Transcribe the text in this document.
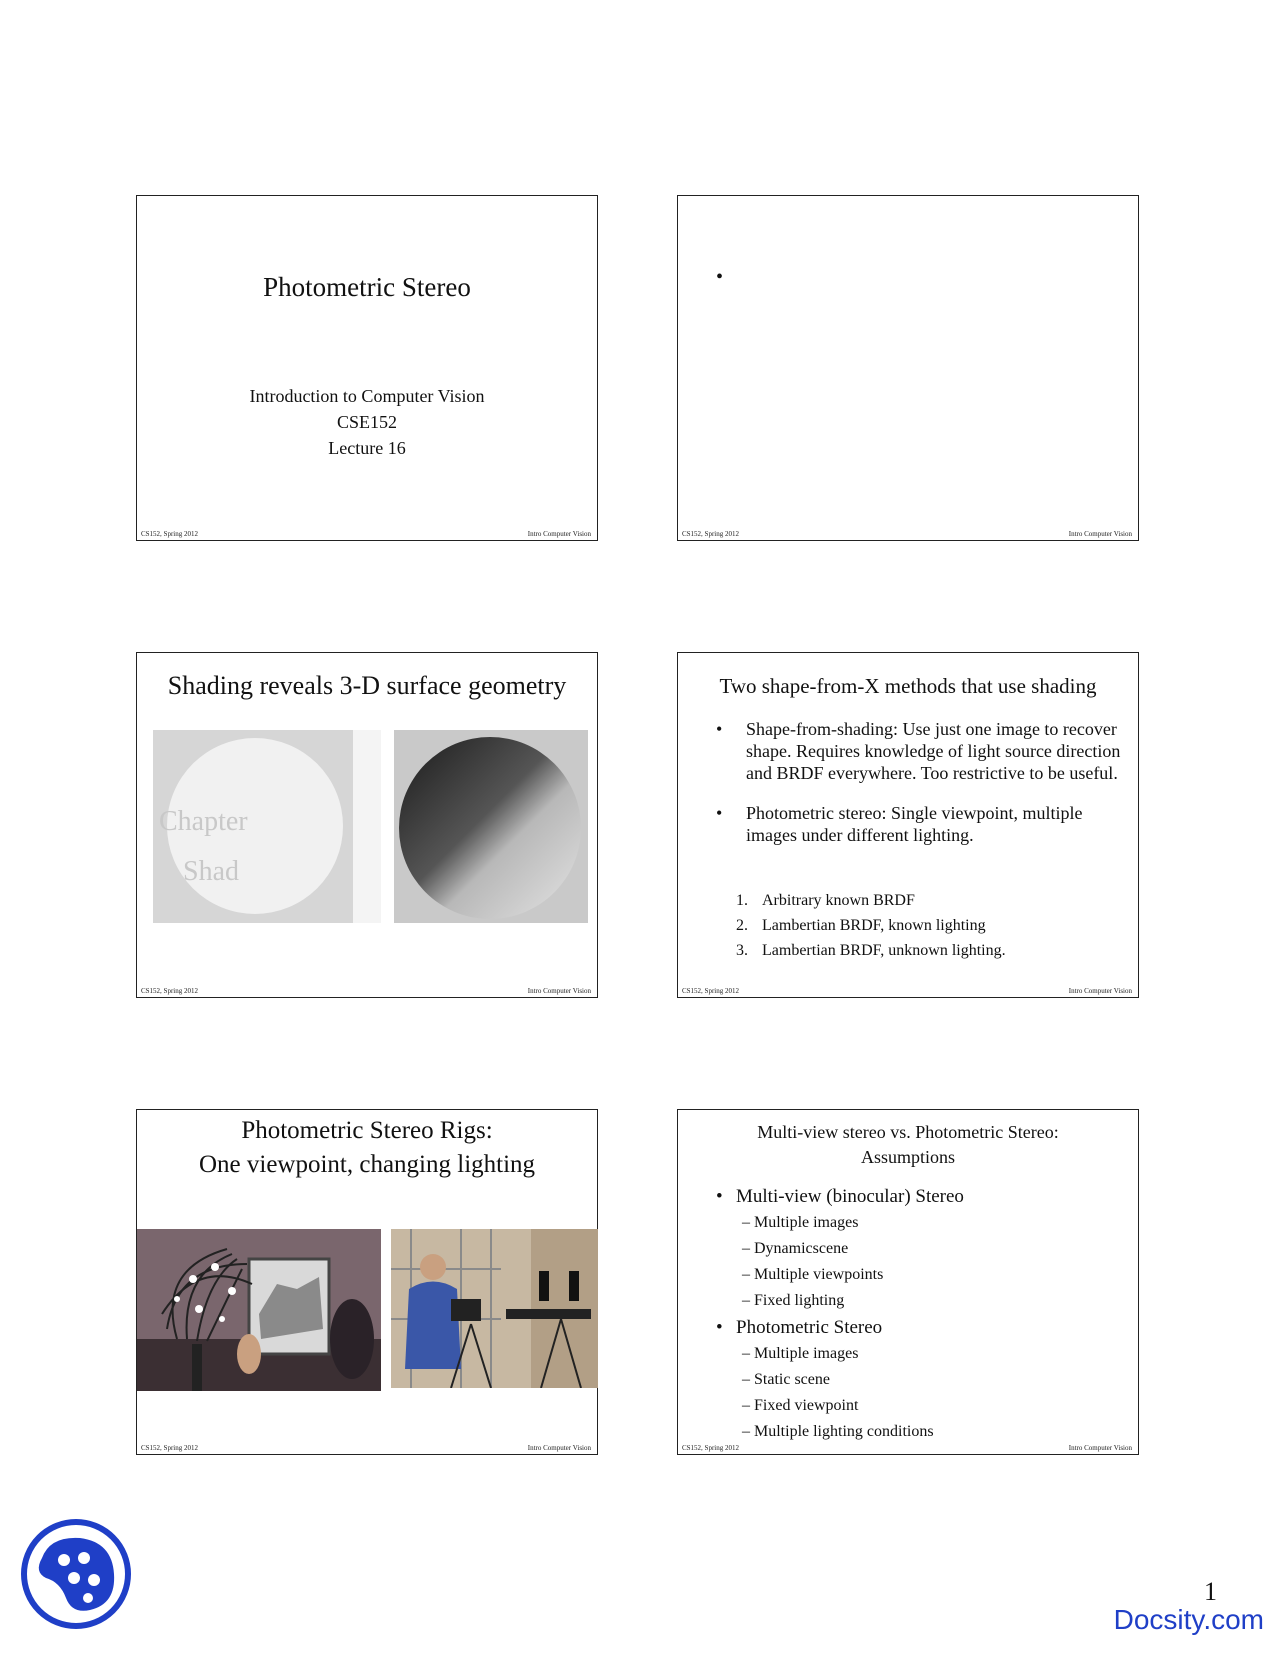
Photometric Stereo
Introduction to Computer Vision
CSE152
Lecture 16
CS152, Spring 2012	Intro Computer Vision
•
CS152, Spring 2012	Intro Computer Vision
Shading reveals 3-D surface geometry
Chapter
Shad
CS152, Spring 2012	Intro Computer Vision
Two shape-from-X methods that use shading
• Shape-from-shading: Use just one image to recover shape. Requires knowledge of light source direction and BRDF everywhere. Too restrictive to be useful.
• Photometric stereo: Single viewpoint, multiple images under different lighting.
1. Arbitrary known BRDF
2. Lambertian BRDF, known lighting
3. Lambertian BRDF, unknown lighting.
CS152, Spring 2012	Intro Computer Vision
Photometric Stereo Rigs:
One viewpoint, changing lighting
CS152, Spring 2012	Intro Computer Vision
Multi-view stereo vs. Photometric Stereo:
Assumptions
• Multi-view (binocular) Stereo
– Multiple images
– Dynamicscene
– Multiple viewpoints
– Fixed lighting
• Photometric Stereo
– Multiple images
– Static scene
– Fixed viewpoint
– Multiple lighting conditions
CS152, Spring 2012	Intro Computer Vision
1
Docsity.com
